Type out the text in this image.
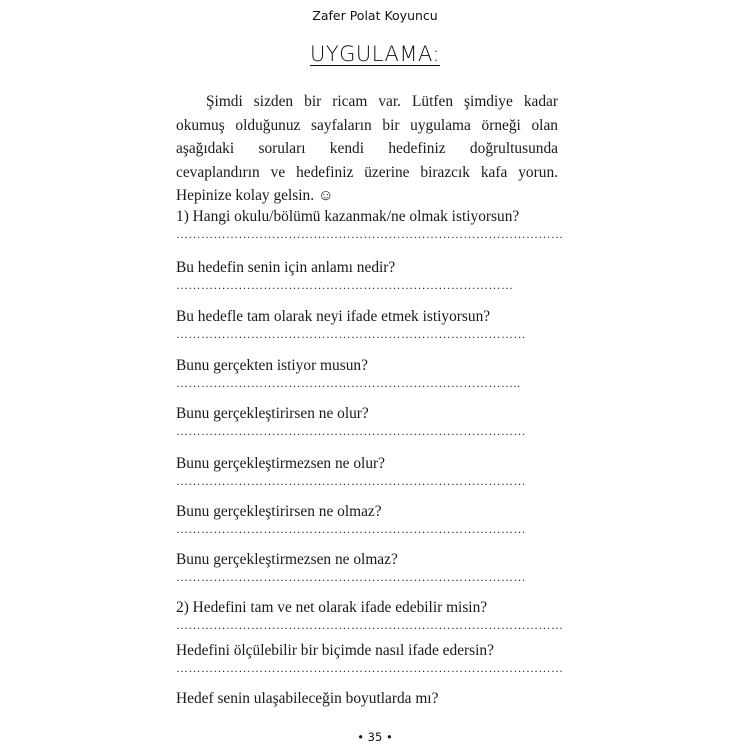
Zafer Polat Koyuncu
UYGULAMA:

Şimdi sizden bir ricam var. Lütfen şimdiye kadar okumuş olduğunuz sayfaların bir uygulama örneği olan aşağıdaki soruları kendi hedefiniz doğrultusunda cevaplandırın ve hedefiniz üzerine birazcık kafa yorun. Hepinize kolay gelsin. ☺

1) Hangi okulu/bölümü kazanmak/ne olmak istiyorsun?
…………………………………………………………………………………
Bu hedefin senin için anlamı nedir?
………………………………………………………………………
Bu hedefle tam olarak neyi ifade etmek istiyorsun?
…………………………………………………………………………
Bunu gerçekten istiyor musun?
………………………………………………………………………..
Bunu gerçekleştirirsen ne olur?
…………………………………………………………………………
Bunu gerçekleştirmezsen ne olur?
…………………………………………………………………………
Bunu gerçekleştirirsen ne olmaz?
…………………………………………………………………………
Bunu gerçekleştirmezsen ne olmaz?
…………………………………………………………………………
2) Hedefini tam ve net olarak ifade edebilir misin?
…………………………………………………………………………………
Hedefini ölçülebilir bir biçimde nasıl ifade edersin?
…………………………………………………………………………………
Hedef senin ulaşabileceğin boyutlarda mı?
• 35 •
